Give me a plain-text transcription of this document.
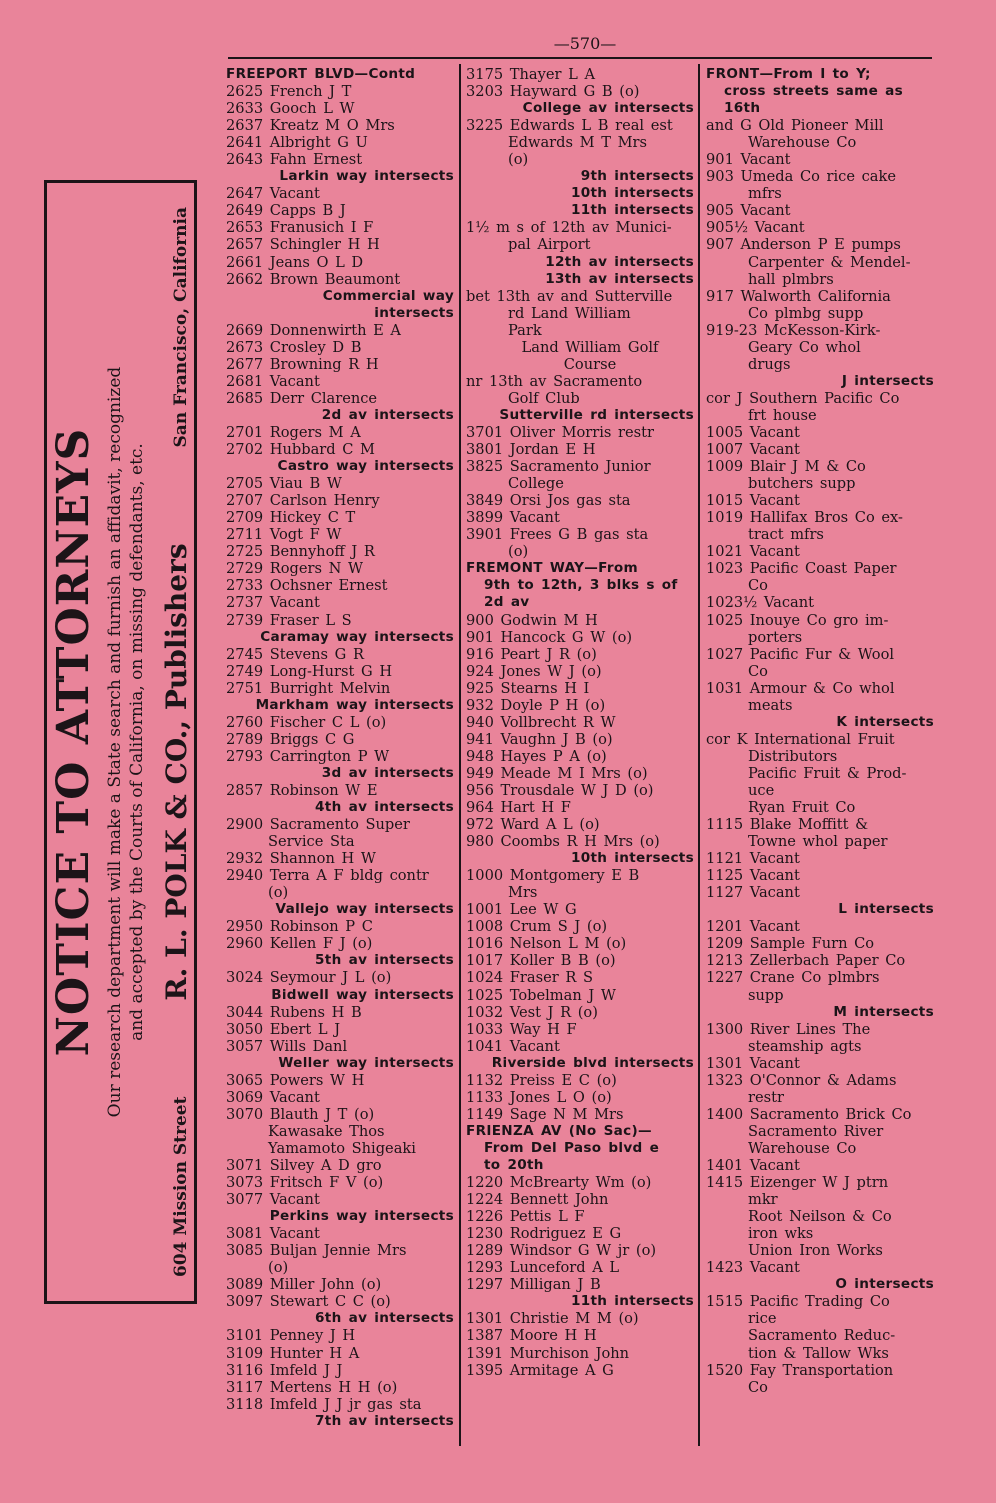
—570—
NOTICE TO ATTORNEYS Our research department will make a State search and furnish an affidavit, recognized and accepted by the Courts of California, on missing defendants, etc.
604 Mission Street
R. L. POLK & CO., Publishers
San Francisco, California
FREEPORT BLVD—Contd
2625 French J T
2633 Gooch L W
2637 Kreatz M O Mrs
2641 Albright G U
2643 Fahn Ernest
Larkin way intersects
2647 Vacant
2649 Capps B J
2653 Franusich I F
2657 Schingler H H
2661 Jeans O L D
2662 Brown Beaumont
Commercial way
intersects
2669 Donnenwirth E A
2673 Crosley D B
2677 Browning R H
2681 Vacant
2685 Derr Clarence
2d av intersects
2701 Rogers M A
2702 Hubbard C M
Castro way intersects
2705 Viau B W
2707 Carlson Henry
2709 Hickey C T
2711 Vogt F W
2725 Bennyhoff J R
2729 Rogers N W
2733 Ochsner Ernest
2737 Vacant
2739 Fraser L S
Caramay way intersects
2745 Stevens G R
2749 Long-Hurst G H
2751 Burright Melvin
Markham way intersects
2760 Fischer C L (o)
2789 Briggs C G
2793 Carrington P W
3d av intersects
2857 Robinson W E
4th av intersects
2900 Sacramento Super
Service Sta
2932 Shannon H W
2940 Terra A F bldg contr
(o)
Vallejo way intersects
2950 Robinson P C
2960 Kellen F J (o)
5th av intersects
3024 Seymour J L (o)
Bidwell way intersects
3044 Rubens H B
3050 Ebert L J
3057 Wills Danl
Weller way intersects
3065 Powers W H
3069 Vacant
3070 Blauth J T (o)
Kawasake Thos
Yamamoto Shigeaki
3071 Silvey A D gro
3073 Fritsch F V (o)
3077 Vacant
Perkins way intersects
3081 Vacant
3085 Buljan Jennie Mrs
(o)
3089 Miller John (o)
3097 Stewart C C (o)
6th av intersects
3101 Penney J H
3109 Hunter H A
3116 Imfeld J J
3117 Mertens H H (o)
3118 Imfeld J J jr gas sta
7th av intersects
3175 Thayer L A
3203 Hayward G B (o)
College av intersects
3225 Edwards L B real est
Edwards M T Mrs
(o)
9th intersects
10th intersects
11th intersects
1½ m s of 12th av Munici-
pal Airport
12th av intersects
13th av intersects
bet 13th av and Sutterville
rd Land William
Park
Land William Golf
Course
nr 13th av Sacramento
Golf Club
Sutterville rd intersects
3701 Oliver Morris restr
3801 Jordan E H
3825 Sacramento Junior
College
3849 Orsi Jos gas sta
3899 Vacant
3901 Frees G B gas sta
(o)
FREMONT WAY—From
9th to 12th, 3 blks s of
2d av
900 Godwin M H
901 Hancock G W (o)
916 Peart J R (o)
924 Jones W J (o)
925 Stearns H I
932 Doyle P H (o)
940 Vollbrecht R W
941 Vaughn J B (o)
948 Hayes P A (o)
949 Meade M I Mrs (o)
956 Trousdale W J D (o)
964 Hart H F
972 Ward A L (o)
980 Coombs R H Mrs (o)
10th intersects
1000 Montgomery E B
Mrs
1001 Lee W G
1008 Crum S J (o)
1016 Nelson L M (o)
1017 Koller B B (o)
1024 Fraser R S
1025 Tobelman J W
1032 Vest J R (o)
1033 Way H F
1041 Vacant
Riverside blvd intersects
1132 Preiss E C (o)
1133 Jones L O (o)
1149 Sage N M Mrs
FRIENZA AV (No Sac)—
From Del Paso blvd e
to 20th
1220 McBrearty Wm (o)
1224 Bennett John
1226 Pettis L F
1230 Rodriguez E G
1289 Windsor G W jr (o)
1293 Lunceford A L
1297 Milligan J B
11th intersects
1301 Christie M M (o)
1387 Moore H H
1391 Murchison John
1395 Armitage A G
FRONT—From I to Y;
cross streets same as
16th
and G Old Pioneer Mill
Warehouse Co
901 Vacant
903 Umeda Co rice cake
mfrs
905 Vacant
905½ Vacant
907 Anderson P E pumps
Carpenter & Mendel-
hall plmbrs
917 Walworth California
Co plmbg supp
919-23 McKesson-Kirk-
Geary Co whol
drugs
J intersects
cor J Southern Pacific Co
frt house
1005 Vacant
1007 Vacant
1009 Blair J M & Co
butchers supp
1015 Vacant
1019 Hallifax Bros Co ex-
tract mfrs
1021 Vacant
1023 Pacific Coast Paper
Co
1023½ Vacant
1025 Inouye Co gro im-
porters
1027 Pacific Fur & Wool
Co
1031 Armour & Co whol
meats
K intersects
cor K International Fruit
Distributors
Pacific Fruit & Prod-
uce
Ryan Fruit Co
1115 Blake Moffitt &
Towne whol paper
1121 Vacant
1125 Vacant
1127 Vacant
L intersects
1201 Vacant
1209 Sample Furn Co
1213 Zellerbach Paper Co
1227 Crane Co plmbrs
supp
M intersects
1300 River Lines The
steamship agts
1301 Vacant
1323 O'Connor & Adams
restr
1400 Sacramento Brick Co
Sacramento River
Warehouse Co
1401 Vacant
1415 Eizenger W J ptrn
mkr
Root Neilson & Co
iron wks
Union Iron Works
1423 Vacant
O intersects
1515 Pacific Trading Co
rice
Sacramento Reduc-
tion & Tallow Wks
1520 Fay Transportation
Co
